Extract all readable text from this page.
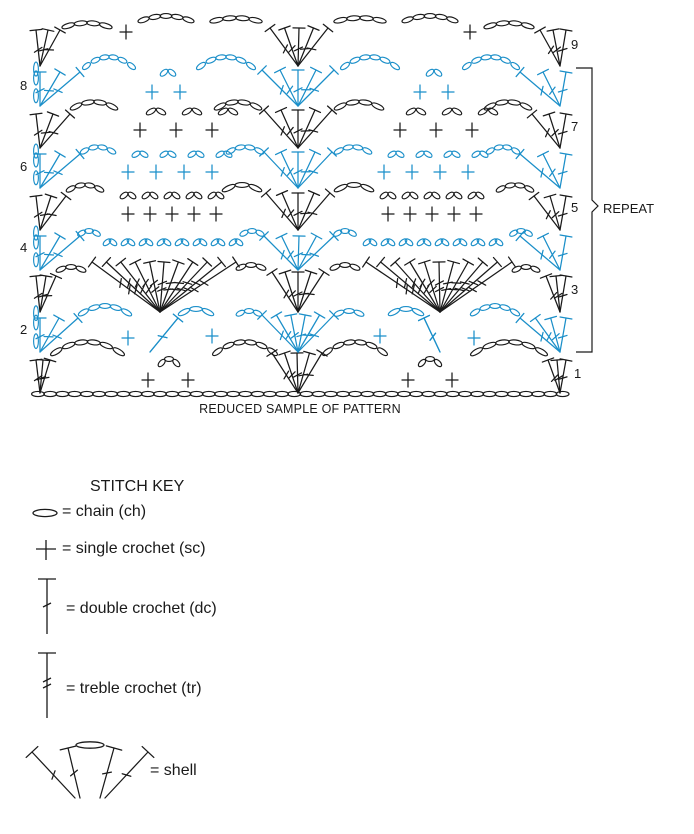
1
2
3
4
5
6
7
8
9
REPEAT
REDUCED SAMPLE OF PATTERN
STITCH KEY
= chain (ch)
= single crochet (sc)
= double crochet (dc)
= treble crochet (tr)
= shell
